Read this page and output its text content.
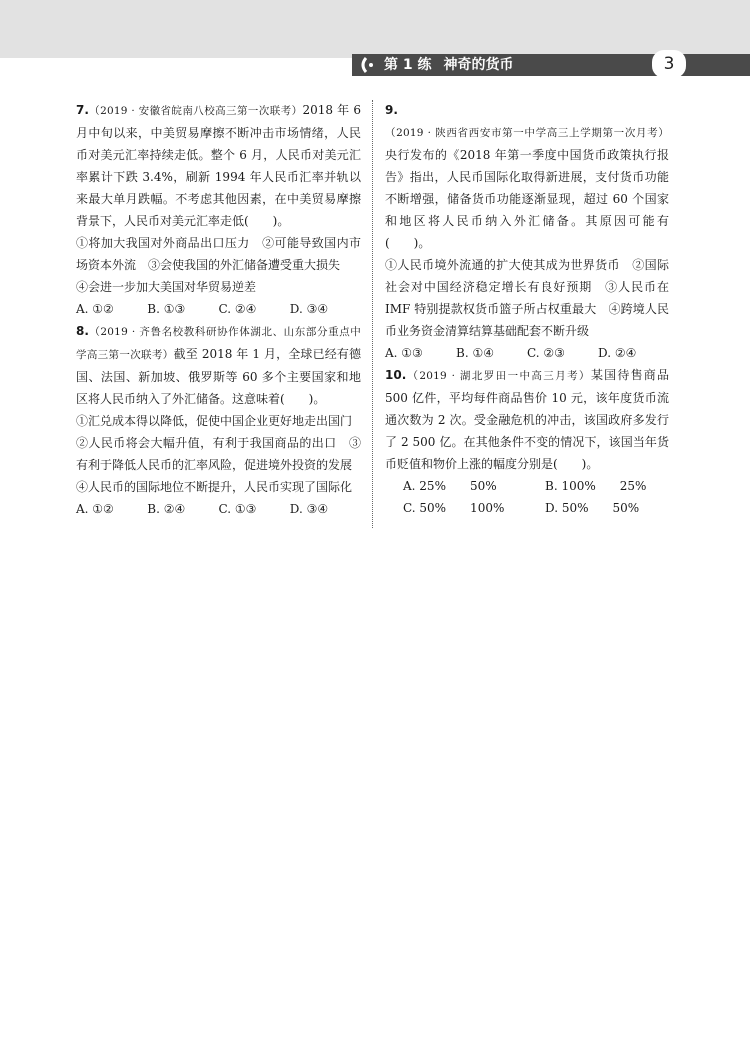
第 1 练 神奇的货币	3
7.（2019 · 安徽省皖南八校高三第一次联考）2018 年 6 月中旬以来，中美贸易摩擦不断冲击市场情绪，人民币对美元汇率持续走低。整个 6 月，人民币对美元汇率累计下跌 3.4%，刷新 1994 年人民币汇率并轨以来最大单月跌幅。不考虑其他因素，在中美贸易摩擦背景下，人民币对美元汇率走低(　　)。
①将加大我国对外商品出口压力　②可能导致国内市场资本外流　③会使我国的外汇储备遭受重大损失
④会进一步加大美国对华贸易逆差
A. ①②	B. ①③	C. ②④	D. ③④
8.（2019 · 齐鲁名校教科研协作体湖北、山东部分重点中学高三第一次联考）截至 2018 年 1 月，全球已经有德国、法国、新加坡、俄罗斯等 60 多个主要国家和地区将人民币纳入了外汇储备。这意味着(　　)。
①汇兑成本得以降低，促使中国企业更好地走出国门
②人民币将会大幅升值，有利于我国商品的出口　③有利于降低人民币的汇率风险，促进境外投资的发展
④人民币的国际地位不断提升，人民币实现了国际化
A. ①②	B. ②④	C. ①③	D. ③④
9.（2019 · 陕西省西安市第一中学高三上学期第一次月考）央行发布的《2018 年第一季度中国货币政策执行报告》指出，人民币国际化取得新进展，支付货币功能不断增强，储备货币功能逐渐显现，超过 60 个国家和地区将人民币纳入外汇储备。其原因可能有(　　)。
①人民币境外流通的扩大使其成为世界货币　②国际社会对中国经济稳定增长有良好预期　③人民币在 IMF 特别提款权货币篮子所占权重最大　④跨境人民币业务资金清算结算基础配套不断升级
A. ①③	B. ①④	C. ②③	D. ②④
10.（2019 · 湖北罗田一中高三月考）某国待售商品 500 亿件，平均每件商品售价 10 元，该年度货币流通次数为 2 次。受金融危机的冲击，该国政府多发行了 2 500 亿。在其他条件不变的情况下，该国当年货币贬值和物价上涨的幅度分别是(　　)。
A. 25%　　50%	B. 100%　　25%
C. 50%　　100%	D. 50%　　50%
